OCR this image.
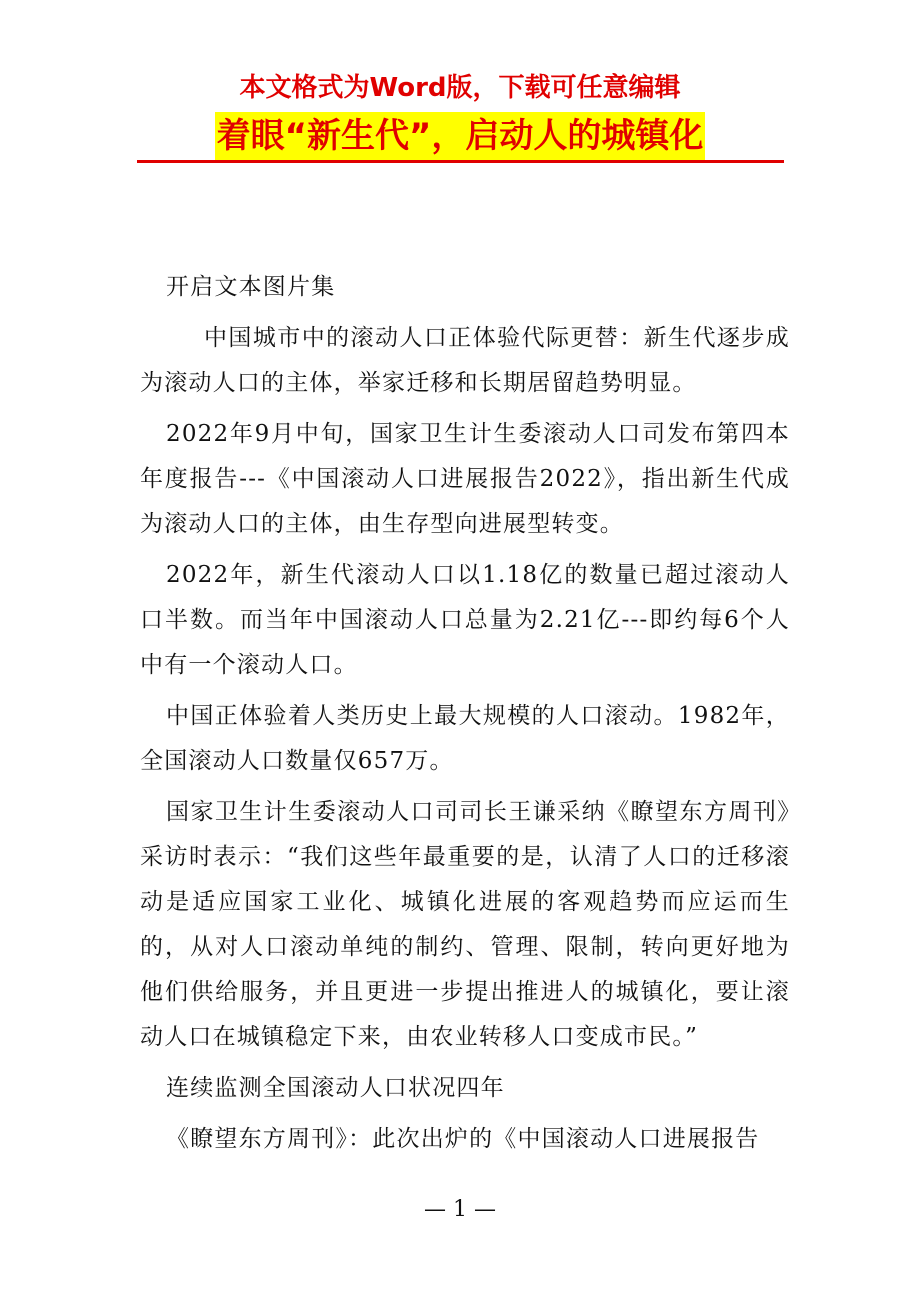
本文格式为Word版，下载可任意编辑
着眼“新生代”，启动人的城镇化

开启文本图片集

中国城市中的滚动人口正体验代际更替：新生代逐步成为滚动人口的主体，举家迁移和长期居留趋势明显。

2022年9月中旬，国家卫生计生委滚动人口司发布第四本年度报告---《中国滚动人口进展报告2022》，指出新生代成为滚动人口的主体，由生存型向进展型转变。

2022年，新生代滚动人口以1.18亿的数量已超过滚动人口半数。而当年中国滚动人口总量为2.21亿---即约每6个人中有一个滚动人口。

中国正体验着人类历史上最大规模的人口滚动。1982年，全国滚动人口数量仅657万。

国家卫生计生委滚动人口司司长王谦采纳《瞭望东方周刊》采访时表示：“我们这些年最重要的是，认清了人口的迁移滚动是适应国家工业化、城镇化进展的客观趋势而应运而生的，从对人口滚动单纯的制约、管理、限制，转向更好地为他们供给服务，并且更进一步提出推进人的城镇化，要让滚动人口在城镇稳定下来，由农业转移人口变成市民。”

连续监测全国滚动人口状况四年

《瞭望东方周刊》：此次出炉的《中国滚动人口进展报告

— 1 —
